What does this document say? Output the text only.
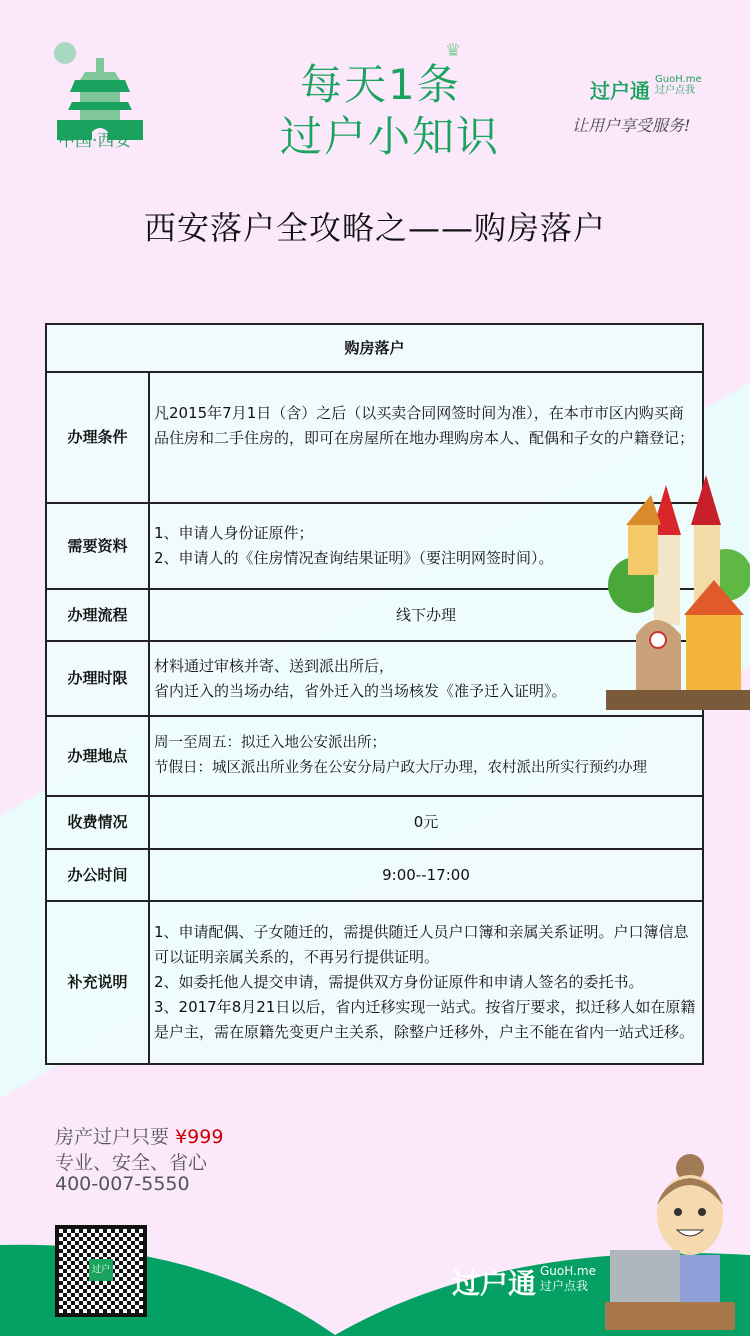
中国·西安
♛
每天1条
过户小知识
过户通 GuoH.me
过户点我
让用户享受服务!
西安落户全攻略之——购房落户
购房落户	
办理条件	凡2015年7月1日（含）之后（以买卖合同网签时间为准），在本市市区内购买商品住房和二手住房的，即可在房屋所在地办理购房本人、配偶和子女的户籍登记；

需要资料	1、申请人身份证原件；
2、申请人的《住房情况查询结果证明》（要注明网签时间）。

办理流程	线下办理
办理时限	材料通过审核并寄、送到派出所后，
省内迁入的当场办结，省外迁入的当场核发《准予迁入证明》。

办理地点	周一至周五：拟迁入地公安派出所；
节假日：城区派出所业务在公安分局户政大厅办理，农村派出所实行预约办理

收费情况	0元
办公时间	9:00--17:00
补充说明	1、申请配偶、子女随迁的，需提供随迁人员户口簿和亲属关系证明。户口簿信息可以证明亲属关系的，不再另行提供证明。
2、如委托他人提交申请，需提供双方身份证原件和申请人签名的委托书。
3、2017年8月21日以后，省内迁移实现一站式。按省厅要求，拟迁移人如在原籍是户主，需在原籍先变更户主关系，除整户迁移外，户主不能在省内一站式迁移。
房产过户只要 ¥999
专业、安全、省心
400-007-5550
过户	过户通 GuoH.me
过户点我
